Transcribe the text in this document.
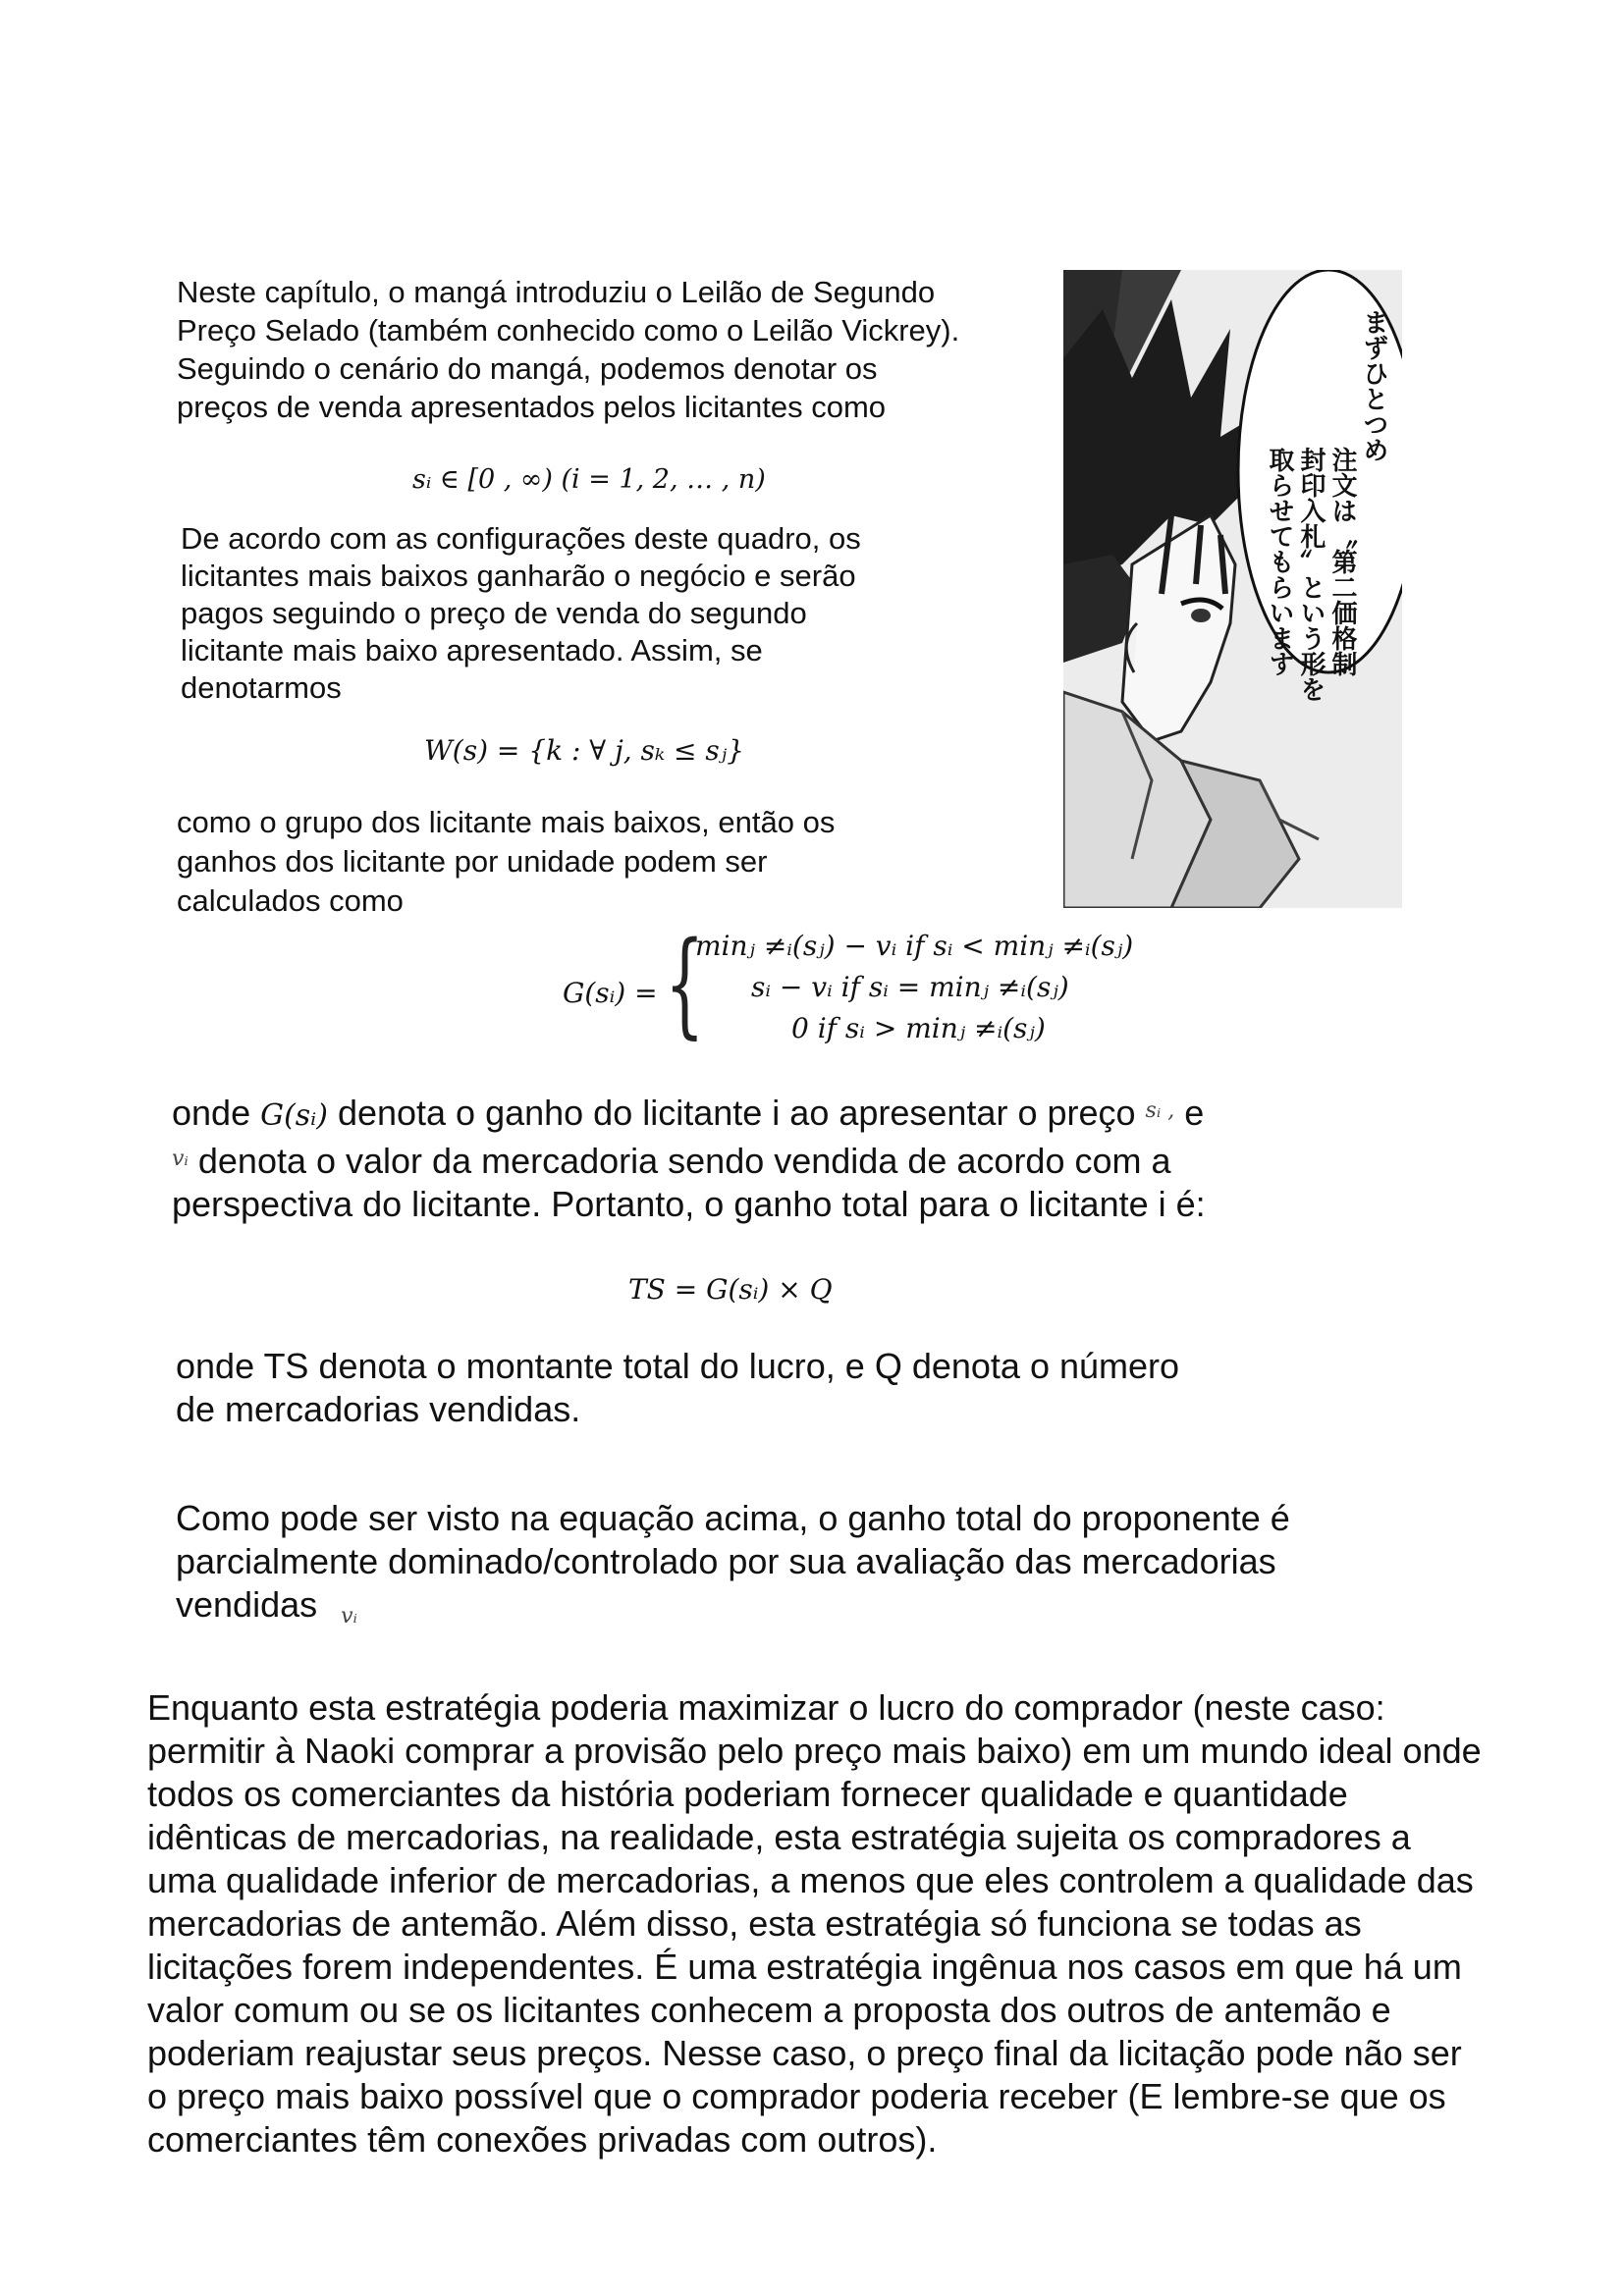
Neste capítulo, o mangá introduziu o Leilão de Segundo
Preço Selado (também conhecido como o Leilão Vickrey).
Seguindo o cenário do mangá, podemos denotar os
preços de venda apresentados pelos licitantes como
sᵢ ∈ [0 , ∞) (i = 1, 2, … , n)
De acordo com as configurações deste quadro, os
licitantes mais baixos ganharão o negócio e serão
pagos seguindo o preço de venda do segundo
licitante mais baixo apresentado. Assim, se
denotarmos
W(s) = {k : ∀ j, sₖ ≤ sⱼ}
como o grupo dos licitante mais baixos, então os
ganhos dos licitante por unidade podem ser
calculados como
G(sᵢ) = {
minⱼ ≠ᵢ(sⱼ) − vᵢ if sᵢ < minⱼ ≠ᵢ(sⱼ)
sᵢ − vᵢ if sᵢ = minⱼ ≠ᵢ(sⱼ)
0 if sᵢ > minⱼ ≠ᵢ(sⱼ)
onde G(sᵢ) denota o ganho do licitante i ao apresentar o preço $^{sᵢ ,}$ e
$^{vᵢ}$ denota o valor da mercadoria sendo vendida de acordo com a
perspectiva do licitante. Portanto, o ganho total para o licitante i é:
TS = G(sᵢ) × Q
onde TS denota o montante total do lucro, e Q denota o número
de mercadorias vendidas.
Como pode ser visto na equação acima, o ganho total do proponente é
parcialmente dominado/controlado por sua avaliação das mercadorias
vendidas vᵢ
Enquanto esta estratégia poderia maximizar o lucro do comprador (neste caso:
permitir à Naoki comprar a provisão pelo preço mais baixo) em um mundo ideal onde
todos os comerciantes da história poderiam fornecer qualidade e quantidade
idênticas de mercadorias, na realidade, esta estratégia sujeita os compradores a
uma qualidade inferior de mercadorias, a menos que eles controlem a qualidade das
mercadorias de antemão. Além disso, esta estratégia só funciona se todas as
licitações forem independentes. É uma estratégia ingênua nos casos em que há um
valor comum ou se os licitantes conhecem a proposta dos outros de antemão e
poderiam reajustar seus preços. Nesse caso, o preço final da licitação pode não ser
o preço mais baixo possível que o comprador poderia receber (E lembre-se que os
comerciantes têm conexões privadas com outros).
まずひとつめ
注文は〝第二価格制
封印入札〟という形を
取らせてもらいます
